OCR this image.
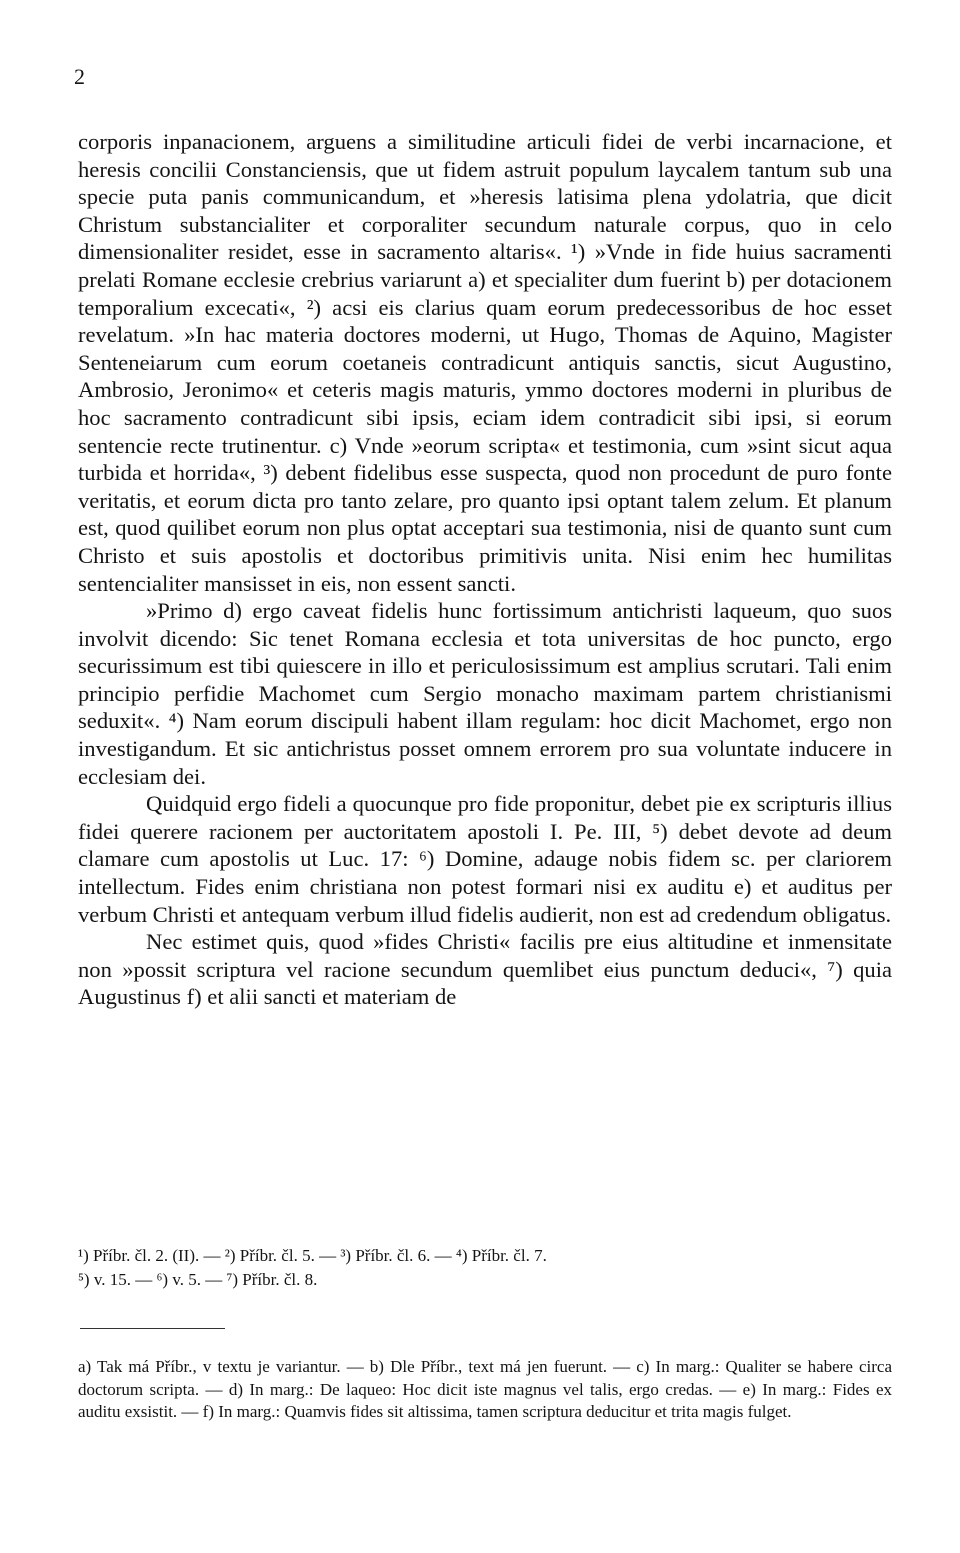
2

corporis inpanacionem, arguens a similitudine articuli fidei de verbi incarnacione, et heresis concilii Constanciensis, que ut fidem astruit populum laycalem tantum sub una specie puta panis communicandum, et »heresis latisima plena ydolatria, que dicit Christum substancialiter et corporaliter secundum naturale corpus, quo in celo dimensionaliter residet, esse in sacramento altaris«. ¹) »Vnde in fide huius sacramenti prelati Romane ecclesie crebrius variarunt a) et specialiter dum fuerint b) per dotacionem temporalium excecati«, ²) acsi eis clarius quam eorum predecessoribus de hoc esset revelatum. »In hac materia doctores moderni, ut Hugo, Thomas de Aquino, Magister Senteneiarum cum eorum coetaneis contradicunt antiquis sanctis, sicut Augustino, Ambrosio, Jeronimo« et ceteris magis maturis, ymmo doctores moderni in pluribus de hoc sacramento contradicunt sibi ipsis, eciam idem contradicit sibi ipsi, si eorum sentencie recte trutinentur. c) Vnde »eorum scripta« et testimonia, cum »sint sicut aqua turbida et horrida«, ³) debent fidelibus esse suspecta, quod non procedunt de puro fonte veritatis, et eorum dicta pro tanto zelare, pro quanto ipsi optant talem zelum. Et planum est, quod quilibet eorum non plus optat acceptari sua testimonia, nisi de quanto sunt cum Christo et suis apostolis et doctoribus primitivis unita. Nisi enim hec humilitas sentencialiter mansisset in eis, non essent sancti.

»Primo d) ergo caveat fidelis hunc fortissimum antichristi laqueum, quo suos involvit dicendo: Sic tenet Romana ecclesia et tota universitas de hoc puncto, ergo securissimum est tibi quiescere in illo et periculosissimum est amplius scrutari. Tali enim principio perfidie Machomet cum Sergio monacho maximam partem christianismi seduxit«. ⁴) Nam eorum discipuli habent illam regulam: hoc dicit Machomet, ergo non investigandum. Et sic antichristus posset omnem errorem pro sua voluntate inducere in ecclesiam dei.

Quidquid ergo fideli a quocunque pro fide proponitur, debet pie ex scripturis illius fidei querere racionem per auctoritatem apostoli I. Pe. III, ⁵) debet devote ad deum clamare cum apostolis ut Luc. 17: ⁶) Domine, adauge nobis fidem sc. per clariorem intellectum. Fides enim christiana non potest formari nisi ex auditu e) et auditus per verbum Christi et antequam verbum illud fidelis audierit, non est ad credendum obligatus.

Nec estimet quis, quod »fides Christi« facilis pre eius altitudine et inmensitate non »possit scriptura vel racione secundum quemlibet eius punctum deduci«, ⁷) quia Augustinus f) et alii sancti et materiam de

¹) Příbr. čl. 2. (II). — ²) Příbr. čl. 5. — ³) Příbr. čl. 6. — ⁴) Příbr. čl. 7.
⁵) v. 15. — ⁶) v. 5. — ⁷) Příbr. čl. 8.

a) Tak má Příbr., v textu je variantur. — b) Dle Příbr., text má jen fuerunt. — c) In marg.: Qualiter se habere circa doctorum scripta. — d) In marg.: De laqueo: Hoc dicit iste magnus vel talis, ergo credas. — e) In marg.: Fides ex auditu exsistit. — f) In marg.: Quamvis fides sit altissima, tamen scriptura deducitur et trita magis fulget.
